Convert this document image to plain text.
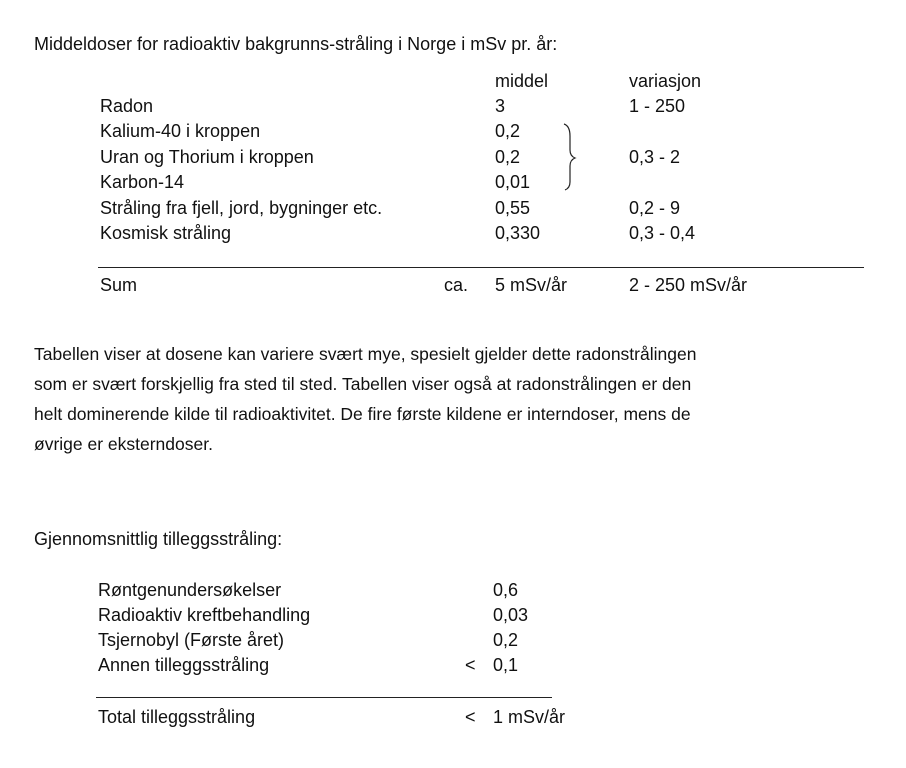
Middeldoser for radioaktiv bakgrunns-stråling i Norge i mSv pr. år:
middel	variasjon
Radon	3	1 - 250
Kalium-40 i kroppen	0,2
Uran og Thorium i kroppen	0,2	0,3 - 2
Karbon-14	0,01
Stråling fra fjell, jord, bygninger etc.	0,55	0,2 - 9
Kosmisk stråling	0,330	0,3 - 0,4
Sum	ca. 5 mSv/år	2 - 250 mSv/år
Tabellen viser at dosene kan variere svært mye, spesielt gjelder dette radonstrålingen
som er svært forskjellig fra sted til sted. Tabellen viser også at radonstrålingen er den
helt dominerende kilde til radioaktivitet. De fire første kildene er interndoser, mens de
øvrige er eksterndoser.
Gjennomsnittlig tilleggsstråling:
Røntgenundersøkelser	0,6
Radioaktiv kreftbehandling	0,03
Tsjernobyl (Første året)	0,2
Annen tilleggsstråling	< 0,1
Total tilleggsstråling	< 1 mSv/år
